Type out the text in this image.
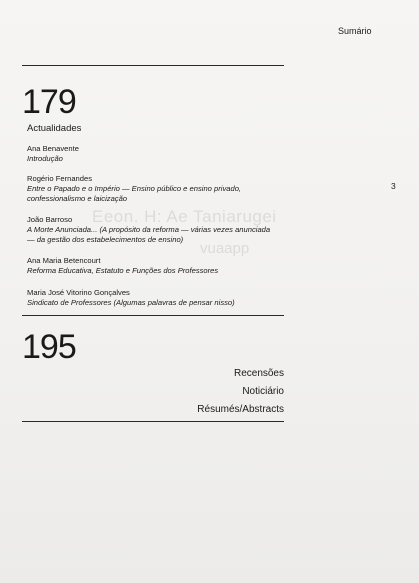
Eeon. H: Ae Taniarugei
vuaapp
Sumário
179
Actualidades
Ana Benavente
Introdução
Rogério Fernandes
Entre o Papado e o Império — Ensino público e ensino privado, confessionalismo e laicização
João Barroso
A Morte Anunciada... (A propósito da reforma — várias vezes anunciada — da gestão dos estabelecimentos de ensino)
Ana Maria Betencourt
Reforma Educativa, Estatuto e Funções dos Professores
Maria José Vitorino Gonçalves
Sindicato de Professores (Algumas palavras de pensar nisso)
3
195
Recensões
Noticiário
Résumés/Abstracts
